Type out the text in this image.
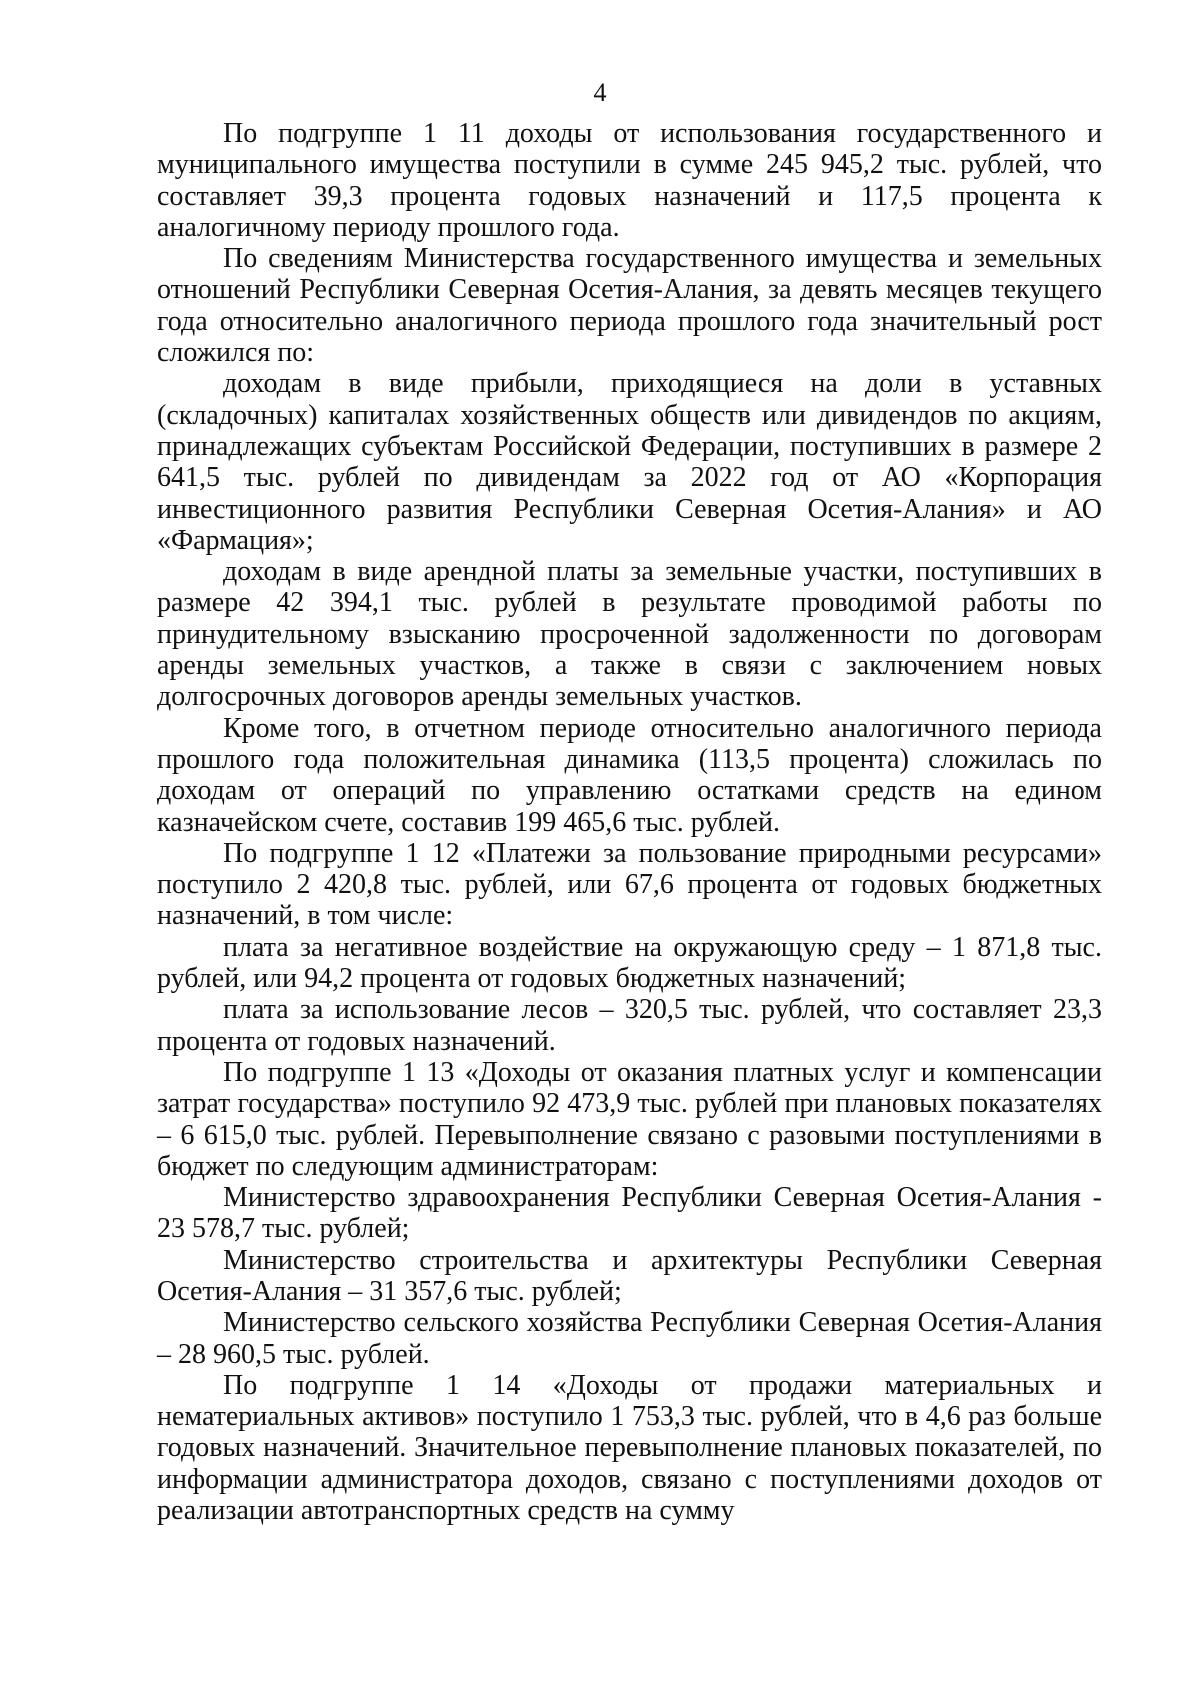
4

По подгруппе 1 11 доходы от использования государственного и муниципального имущества поступили в сумме 245 945,2 тыс. рублей, что составляет 39,3 процента годовых назначений и 117,5 процента к аналогичному периоду прошлого года.

По сведениям Министерства государственного имущества и земельных отношений Республики Северная Осетия-Алания, за девять месяцев текущего года относительно аналогичного периода прошлого года значительный рост сложился по:

доходам в виде прибыли, приходящиеся на доли в уставных (складочных) капиталах хозяйственных обществ или дивидендов по акциям, принадлежащих субъектам Российской Федерации, поступивших в размере 2 641,5 тыс. рублей по дивидендам за 2022 год от АО «Корпорация инвестиционного развития Республики Северная Осетия-Алания» и АО «Фармация»;

доходам в виде арендной платы за земельные участки, поступивших в размере 42 394,1 тыс. рублей в результате проводимой работы по принудительному взысканию просроченной задолженности по договорам аренды земельных участков, а также в связи с заключением новых долгосрочных договоров аренды земельных участков.

Кроме того, в отчетном периоде относительно аналогичного периода прошлого года положительная динамика (113,5 процента) сложилась по доходам от операций по управлению остатками средств на едином казначейском счете, составив 199 465,6 тыс. рублей.

По подгруппе 1 12 «Платежи за пользование природными ресурсами» поступило 2 420,8 тыс. рублей, или 67,6 процента от годовых бюджетных назначений, в том числе:

плата за негативное воздействие на окружающую среду – 1 871,8 тыс. рублей, или 94,2 процента от годовых бюджетных назначений;

плата за использование лесов – 320,5 тыс. рублей, что составляет 23,3 процента от годовых назначений.

По подгруппе 1 13 «Доходы от оказания платных услуг и компенсации затрат государства» поступило 92 473,9 тыс. рублей при плановых показателях – 6 615,0 тыс. рублей. Перевыполнение связано с разовыми поступлениями в бюджет по следующим администраторам:

Министерство здравоохранения Республики Северная Осетия-Алания - 23 578,7 тыс. рублей;

Министерство строительства и архитектуры Республики Северная Осетия-Алания – 31 357,6 тыс. рублей;

Министерство сельского хозяйства Республики Северная Осетия-Алания – 28 960,5 тыс. рублей.

По подгруппе 1 14 «Доходы от продажи материальных и нематериальных активов» поступило 1 753,3 тыс. рублей, что в 4,6 раз больше годовых назначений. Значительное перевыполнение плановых показателей, по информации администратора доходов, связано с поступлениями доходов от реализации автотранспортных средств на сумму
